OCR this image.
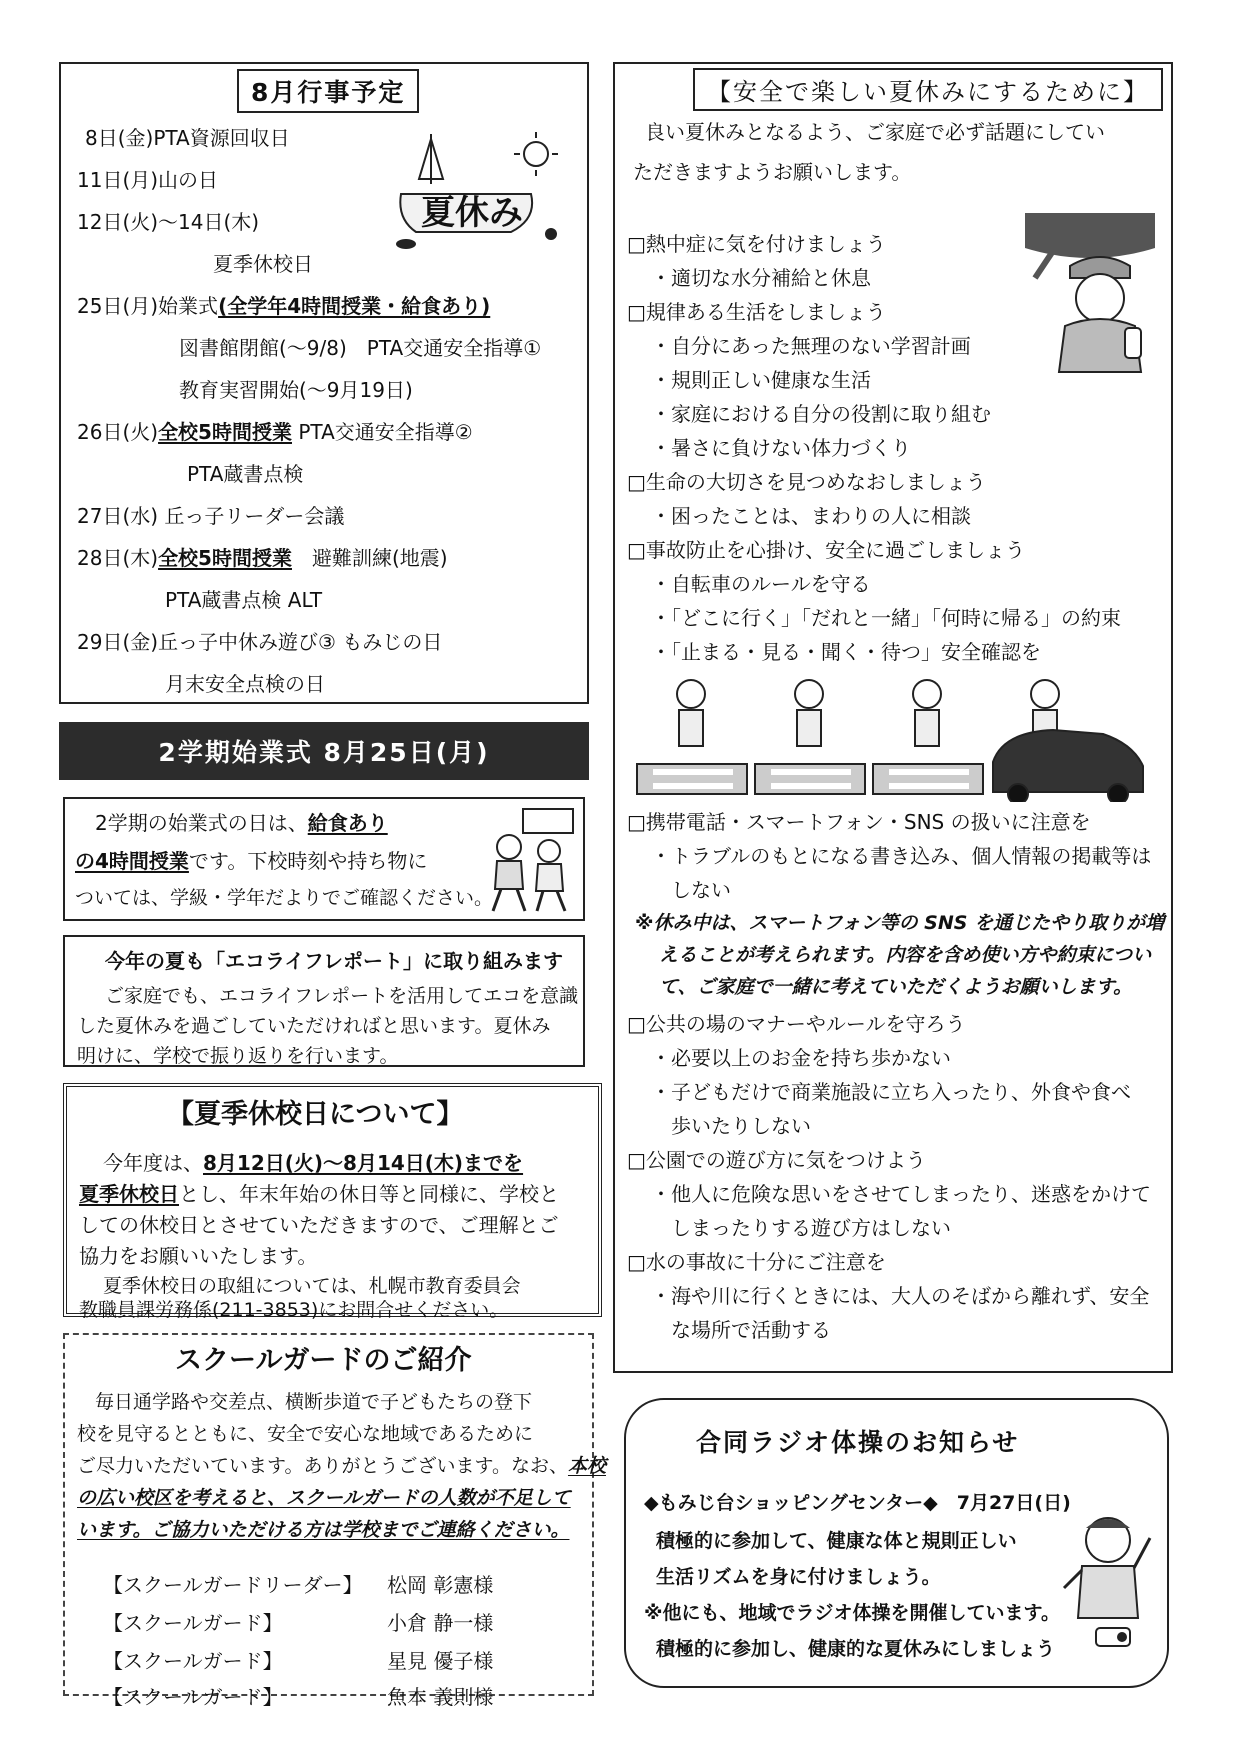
8月行事予定
8日(金)PTA資源回収日
11日(月)山の日
12日(火)～14日(木)
夏季休校日
25日(月)始業式(全学年4時間授業・給食あり)
図書館閉館(～9/8)　PTA交通安全指導①
教育実習開始(～9月19日)
26日(火)全校5時間授業 PTA交通安全指導②
PTA蔵書点検
27日(水) 丘っ子リーダー会議
28日(木)全校5時間授業　 避難訓練(地震)
PTA蔵書点検 ALT
29日(金)丘っ子中休み遊び③ もみじの日
月末安全点検の日
夏休み
2学期始業式 8月25日(月)
2学期の始業式の日は、給食あり
の4時間授業です。下校時刻や持ち物に
ついては、学級・学年だよりでご確認ください。
今年の夏も「エコライフレポート」に取り組みます
ご家庭でも、エコライフレポートを活用してエコを意識
した夏休みを過ごしていただければと思います。夏休み
明けに、学校で振り返りを行います。
【夏季休校日について】
今年度は、8月12日(火)～8月14日(木)までを
夏季休校日とし、年末年始の休日等と同様に、学校と
しての休校日とさせていただきますので、ご理解とご
協力をお願いいたします。
夏季休校日の取組については、札幌市教育委員会
教職員課労務係(211-3853)にお問合せください。
スクールガードのご紹介
毎日通学路や交差点、横断歩道で子どもたちの登下
校を見守るとともに、安全で安心な地域であるために
ご尽力いただいています。ありがとうございます。なお、本校
の広い校区を考えると、スクールガードの人数が不足して
います。ご協力いただける方は学校までご連絡ください。
【スクールガードリーダー】 松岡 彰憲様
【スクールガード】	小倉 静一様
【スクールガード】	星見 優子様
【スクールガード】	魚本 義則様
【安全で楽しい夏休みにするために】
良い夏休みとなるよう、ご家庭で必ず話題にしてい
ただきますようお願いします。
□熱中症に気を付けましょう
・適切な水分補給と休息
□規律ある生活をしましょう
・自分にあった無理のない学習計画
・規則正しい健康な生活
・家庭における自分の役割に取り組む
・暑さに負けない体力づくり
□生命の大切さを見つめなおしましょう
・困ったことは、まわりの人に相談
□事故防止を心掛け、安全に過ごしましょう
・自転車のルールを守る
・「どこに行く」「だれと一緒」「何時に帰る」の約束
・「止まる・見る・聞く・待つ」安全確認を
□携帯電話・スマートフォン・SNS の扱いに注意を
・トラブルのもとになる書き込み、個人情報の掲載等は
しない
※休み中は、スマートフォン等の SNS を通じたやり取りが増
えることが考えられます。内容を含め使い方や約束につい
て、ご家庭で一緒に考えていただくようお願いします。
□公共の場のマナーやルールを守ろう
・必要以上のお金を持ち歩かない
・子どもだけで商業施設に立ち入ったり、外食や食べ
歩いたりしない
□公園での遊び方に気をつけよう
・他人に危険な思いをさせてしまったり、迷惑をかけて
しまったりする遊び方はしない
□水の事故に十分にご注意を
・海や川に行くときには、大人のそばから離れず、安全
な場所で活動する
合同ラジオ体操のお知らせ
◆もみじ台ショッピングセンター◆　 7月27日(日)
積極的に参加して、健康な体と規則正しい
生活リズムを身に付けましょう。
※他にも、地域でラジオ体操を開催しています。
積極的に参加し、健康的な夏休みにしましょう
